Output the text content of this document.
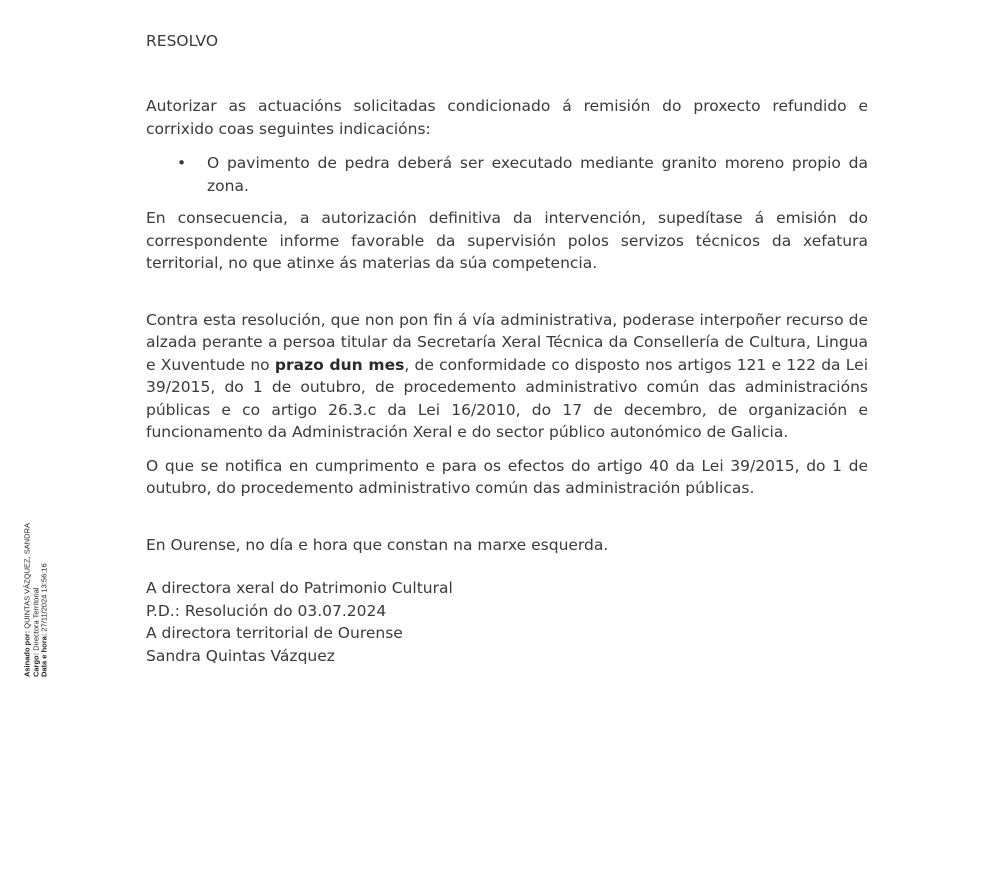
RESOLVO

Autorizar as actuacións solicitadas condicionado á remisión do proxecto refundido e corrixido coas seguintes indicacións:

• O pavimento de pedra deberá ser executado mediante granito moreno propio da zona.

En consecuencia, a autorización definitiva da intervención, supedítase á emisión do correspondente informe favorable da supervisión polos servizos técnicos da xefatura territorial, no que atinxe ás materias da súa competencia.

Contra esta resolución, que non pon fin á vía administrativa, poderase interpoñer recurso de alzada perante a persoa titular da Secretaría Xeral Técnica da Consellería de Cultura, Lingua e Xuventude no prazo dun mes, de conformidade co disposto nos artigos 121 e 122 da Lei 39/2015, do 1 de outubro, de procedemento administrativo común das administracións públicas e co artigo 26.3.c da Lei 16/2010, do 17 de decembro, de organización e funcionamento da Administración Xeral e do sector público autonómico de Galicia.

O que se notifica en cumprimento e para os efectos do artigo 40 da Lei 39/2015, do 1 de outubro, do procedemento administrativo común das administración públicas.

En Ourense, no día e hora que constan na marxe esquerda.

A directora xeral do Patrimonio Cultural

P.D.: Resolución do 03.07.2024

A directora territorial de Ourense

Sandra Quintas Vázquez

Asinado por: QUINTAS VÁZQUEZ, SANDRA
Cargo: Directora Territorial
Data e hora: 27/11/2024 13:56:16
